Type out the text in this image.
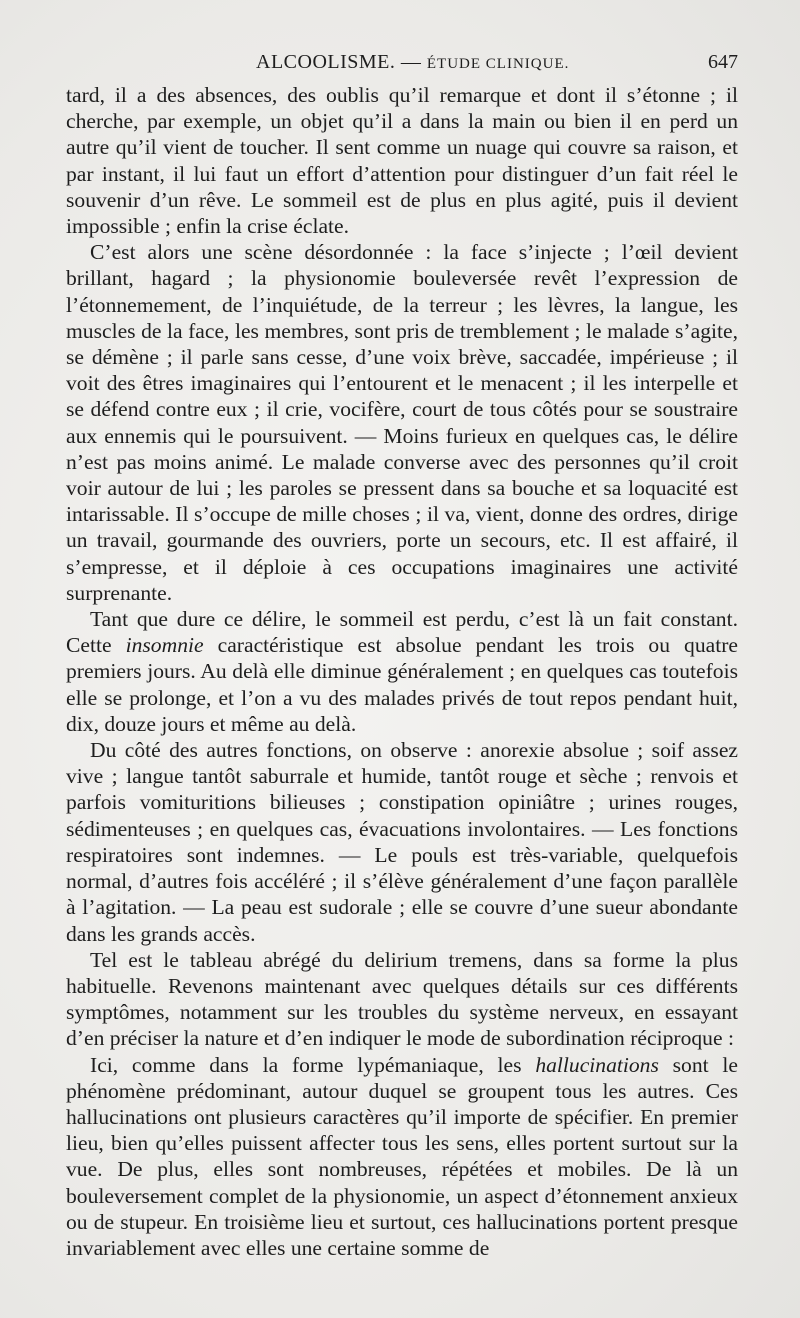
ALCOOLISME. — ÉTUDE CLINIQUE.	647

tard, il a des absences, des oublis qu’il remarque et dont il s’étonne ; il cherche, par exemple, un objet qu’il a dans la main ou bien il en perd un autre qu’il vient de toucher. Il sent comme un nuage qui couvre sa raison, et par instant, il lui faut un effort d’attention pour distinguer d’un fait réel le souvenir d’un rêve. Le sommeil est de plus en plus agité, puis il devient impossible ; enfin la crise éclate.

C’est alors une scène désordonnée : la face s’injecte ; l’œil devient brillant, hagard ; la physionomie bouleversée revêt l’expression de l’étonnemement, de l’inquiétude, de la terreur ; les lèvres, la langue, les muscles de la face, les membres, sont pris de tremblement ; le malade s’agite, se démène ; il parle sans cesse, d’une voix brève, saccadée, impérieuse ; il voit des êtres imaginaires qui l’entourent et le menacent ; il les interpelle et se défend contre eux ; il crie, vocifère, court de tous côtés pour se soustraire aux ennemis qui le poursuivent. — Moins furieux en quelques cas, le délire n’est pas moins animé. Le malade converse avec des personnes qu’il croit voir autour de lui ; les paroles se pressent dans sa bouche et sa loquacité est intarissable. Il s’occupe de mille choses ; il va, vient, donne des ordres, dirige un travail, gourmande des ouvriers, porte un secours, etc. Il est affairé, il s’empresse, et il déploie à ces occupations imaginaires une activité surprenante.

Tant que dure ce délire, le sommeil est perdu, c’est là un fait constant. Cette insomnie caractéristique est absolue pendant les trois ou quatre premiers jours. Au delà elle diminue généralement ; en quelques cas toutefois elle se prolonge, et l’on a vu des malades privés de tout repos pendant huit, dix, douze jours et même au delà.

Du côté des autres fonctions, on observe : anorexie absolue ; soif assez vive ; langue tantôt saburrale et humide, tantôt rouge et sèche ; renvois et parfois vomituritions bilieuses ; constipation opiniâtre ; urines rouges, sédimenteuses ; en quelques cas, évacuations involontaires. — Les fonctions respiratoires sont indemnes. — Le pouls est très-variable, quelquefois normal, d’autres fois accéléré ; il s’élève généralement d’une façon parallèle à l’agitation. — La peau est sudorale ; elle se couvre d’une sueur abondante dans les grands accès.

Tel est le tableau abrégé du delirium tremens, dans sa forme la plus habituelle. Revenons maintenant avec quelques détails sur ces différents symptômes, notamment sur les troubles du système nerveux, en essayant d’en préciser la nature et d’en indiquer le mode de subordination réciproque :

Ici, comme dans la forme lypémaniaque, les hallucinations sont le phénomène prédominant, autour duquel se groupent tous les autres. Ces hallucinations ont plusieurs caractères qu’il importe de spécifier. En premier lieu, bien qu’elles puissent affecter tous les sens, elles portent surtout sur la vue. De plus, elles sont nombreuses, répétées et mobiles. De là un bouleversement complet de la physionomie, un aspect d’étonnement anxieux ou de stupeur. En troisième lieu et surtout, ces hallucinations portent presque invariablement avec elles une certaine somme de
